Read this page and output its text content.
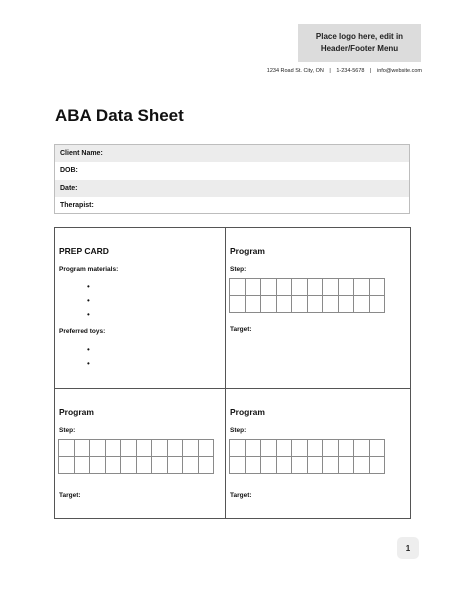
Place logo here, edit in
Header/Footer Menu
1234 Road St. City, ON | 1-234-5678 | info@website.com
ABA Data Sheet
Client Name:
DOB:
Date:
Therapist:
PREP CARD
Program materials:
•
•
•
Preferred toys:
•
•
Program
Step:

Target:
Program
Step:

Target:
Program
Step:

Target:
1
